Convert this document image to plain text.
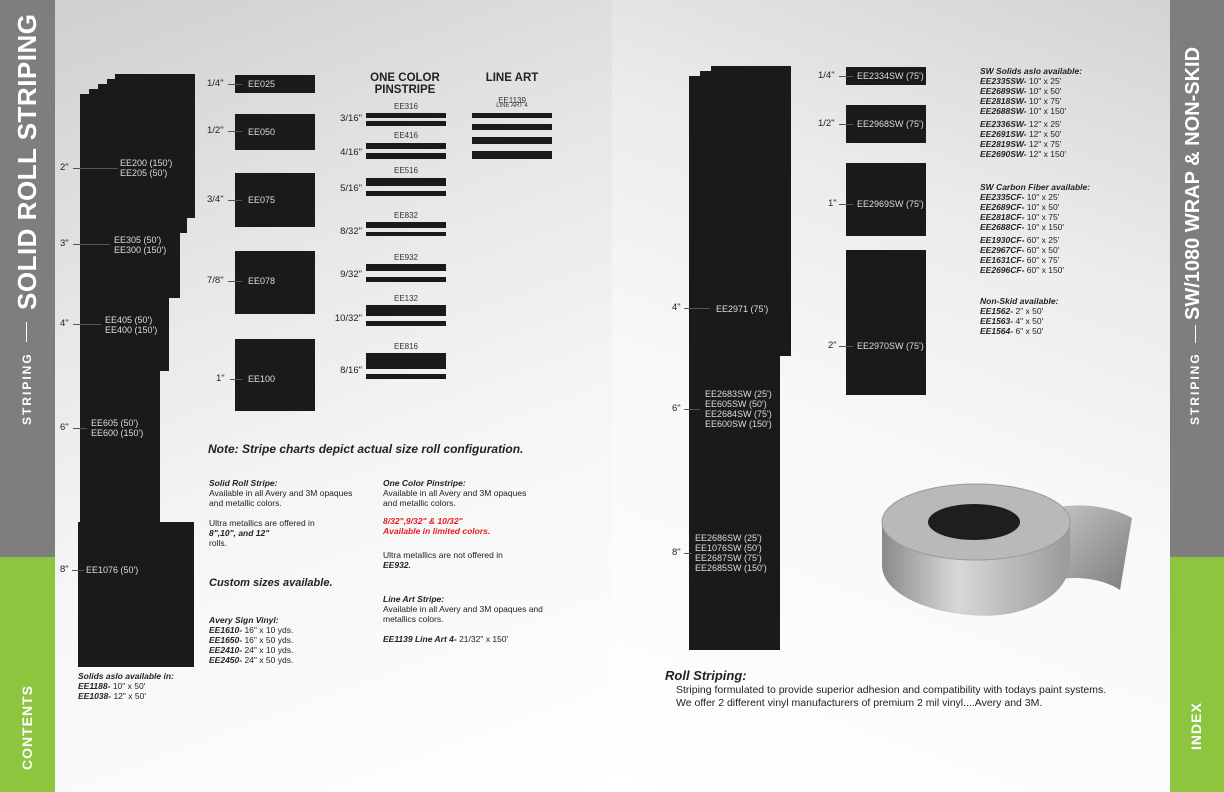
SOLID ROLL STRIPING
STRIPING
CONTENTS
SW/1080 WRAP & NON-SKID
STRIPING
INDEX
2"	EE200 (150')
EE205 (50')
3"	EE305 (50')
EE300 (150')
4"	EE405 (50')
EE400 (150')
6" EE605 (50')
EE600 (150')
8" EE1076 (50')
1/4"	EE025
1/2"	EE050
3/4"	EE075
7/8"	EE078
1"	EE100
ONE COLOR PINSTRIPE
EE316
3/16"
EE416
4/16"
EE516
5/16"
EE832
8/32"
EE932
9/32"
EE132
10/32"
EE816
8/16"
LINE ART
EE1139
LINE ART 4
Note: Stripe charts depict actual size roll configuration.
Solid Roll Stripe:
Available in all Avery and 3M opaques and metallic colors.
Ultra metallics are offered in
8",10", and 12"
rolls.
Custom sizes available.
Avery Sign Vinyl:
EE1610- 16" x 10 yds.
EE1650- 16" x 50 yds.
EE2410- 24" x 10 yds.
EE2450- 24" x 50 yds.
Solids aslo available in:
EE1188- 10" x 50'
EE1038- 12" x 50'
One Color Pinstripe:
Available in all Avery and 3M opaques and metallic colors.
8/32",9/32" & 10/32"
Available in limited colors.
Ultra metallics are not offered in
EE932.
Line Art Stripe:
Available in all Avery and 3M opaques and metallics colors.
EE1139 Line Art 4- 21/32" x 150'
4"	EE2971 (75')
6"
EE2683SW (25')
EE605SW (50')
EE2684SW (75')
EE600SW (150')
8"
EE2686SW (25')
EE1076SW (50')
EE2687SW (75')
EE2685SW (150')
1/4" EE2334SW (75')
1/2" EE2968SW (75')
1" EE2969SW (75')
2" EE2970SW (75')
SW Solids aslo available:
EE2335SW- 10" x 25'
EE2689SW- 10" x 50'
EE2818SW- 10" x 75'
EE2688SW- 10" x 150'
EE2336SW- 12" x 25'
EE2691SW- 12" x 50'
EE2819SW- 12" x 75'
EE2690SW- 12" x 150'
SW Carbon Fiber available:
EE2335CF- 10" x 25'
EE2689CF- 10" x 50'
EE2818CF- 10" x 75'
EE2688CF- 10" x 150'
EE1930CF- 60" x 25'
EE2967CF- 60" x 50'
EE1631CF- 60" x 75'
EE2696CF- 60" x 150'
Non-Skid available:
EE1562- 2" x 50'
EE1563- 4" x 50'
EE1564- 6" x 50'
Roll Striping:
Striping formulated to provide superior adhesion and compatibility with todays paint systems.
We offer 2 different vinyl manufacturers of premium 2 mil vinyl....Avery and 3M.
